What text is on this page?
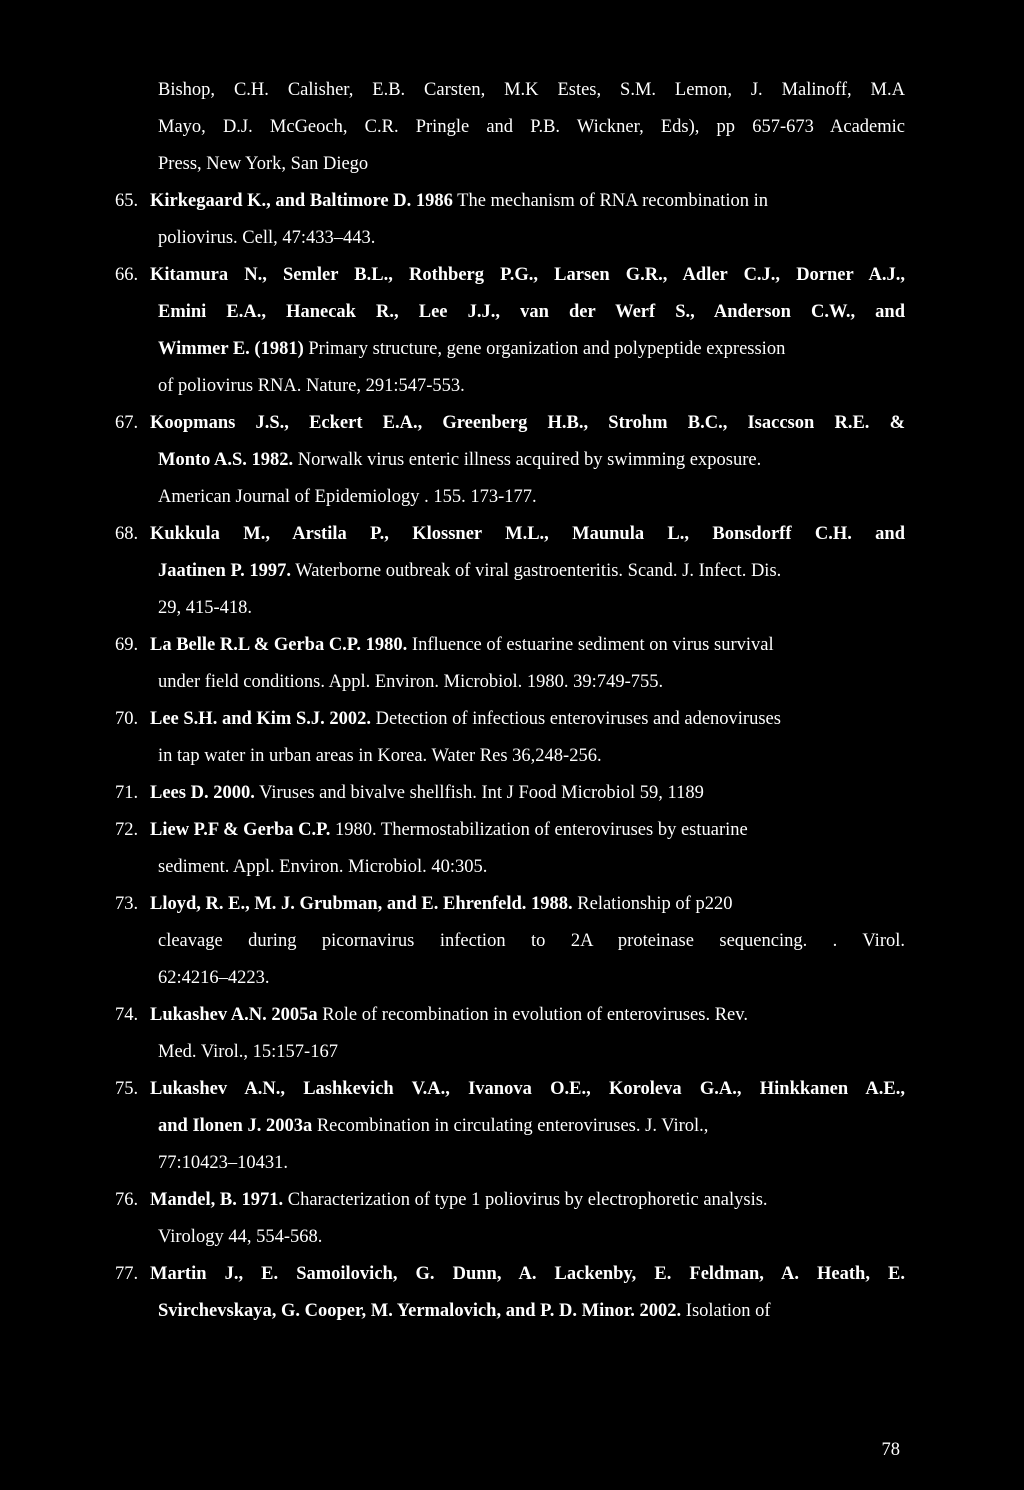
Bishop, C.H. Calisher, E.B. Carsten, M.K Estes, S.M. Lemon, J. Malinoff, M.A
Mayo, D.J. McGeoch, C.R. Pringle and P.B. Wickner, Eds), pp 657-673 Academic
Press, New York, San Diego
65. Kirkegaard K., and Baltimore D. 1986 The mechanism of RNA recombination in
poliovirus. Cell, 47:433–443.
66. Kitamura N., Semler B.L., Rothberg P.G., Larsen G.R., Adler C.J., Dorner A.J.,
Emini E.A., Hanecak R., Lee J.J., van der Werf S., Anderson C.W., and
Wimmer E. (1981) Primary structure, gene organization and polypeptide expression
of poliovirus RNA. Nature, 291:547-553.
67. Koopmans J.S., Eckert E.A., Greenberg H.B., Strohm B.C., Isaccson R.E. &
Monto A.S. 1982. Norwalk virus enteric illness acquired by swimming exposure.
American Journal of Epidemiology . 155. 173-177.
68. Kukkula M., Arstila P., Klossner M.L., Maunula L., Bonsdorff C.H. and
Jaatinen P. 1997. Waterborne outbreak of viral gastroenteritis. Scand. J. Infect. Dis.
29, 415-418.
69. La Belle R.L & Gerba C.P. 1980. Influence of estuarine sediment on virus survival
under field conditions. Appl. Environ. Microbiol. 1980. 39:749-755.
70. Lee S.H. and Kim S.J. 2002. Detection of infectious enteroviruses and adenoviruses
in tap water in urban areas in Korea. Water Res 36,248-256.
71. Lees D. 2000. Viruses and bivalve shellfish. Int J Food Microbiol 59, 1189
72. Liew P.F & Gerba C.P. 1980. Thermostabilization of enteroviruses by estuarine
sediment. Appl. Environ. Microbiol. 40:305.
73. Lloyd, R. E., M. J. Grubman, and E. Ehrenfeld. 1988. Relationship of p220
cleavage during picornavirus infection to 2A proteinase sequencing. . Virol.
62:4216–4223.
74. Lukashev A.N. 2005a Role of recombination in evolution of enteroviruses. Rev.
Med. Virol., 15:157-167
75. Lukashev A.N., Lashkevich V.A., Ivanova O.E., Koroleva G.A., Hinkkanen A.E.,
and Ilonen J. 2003a Recombination in circulating enteroviruses. J. Virol.,
77:10423–10431.
76. Mandel, B. 1971. Characterization of type 1 poliovirus by electrophoretic analysis.
Virology 44, 554-568.
77. Martin J., E. Samoilovich, G. Dunn, A. Lackenby, E. Feldman, A. Heath, E.
Svirchevskaya, G. Cooper, M. Yermalovich, and P. D. Minor. 2002. Isolation of
78
